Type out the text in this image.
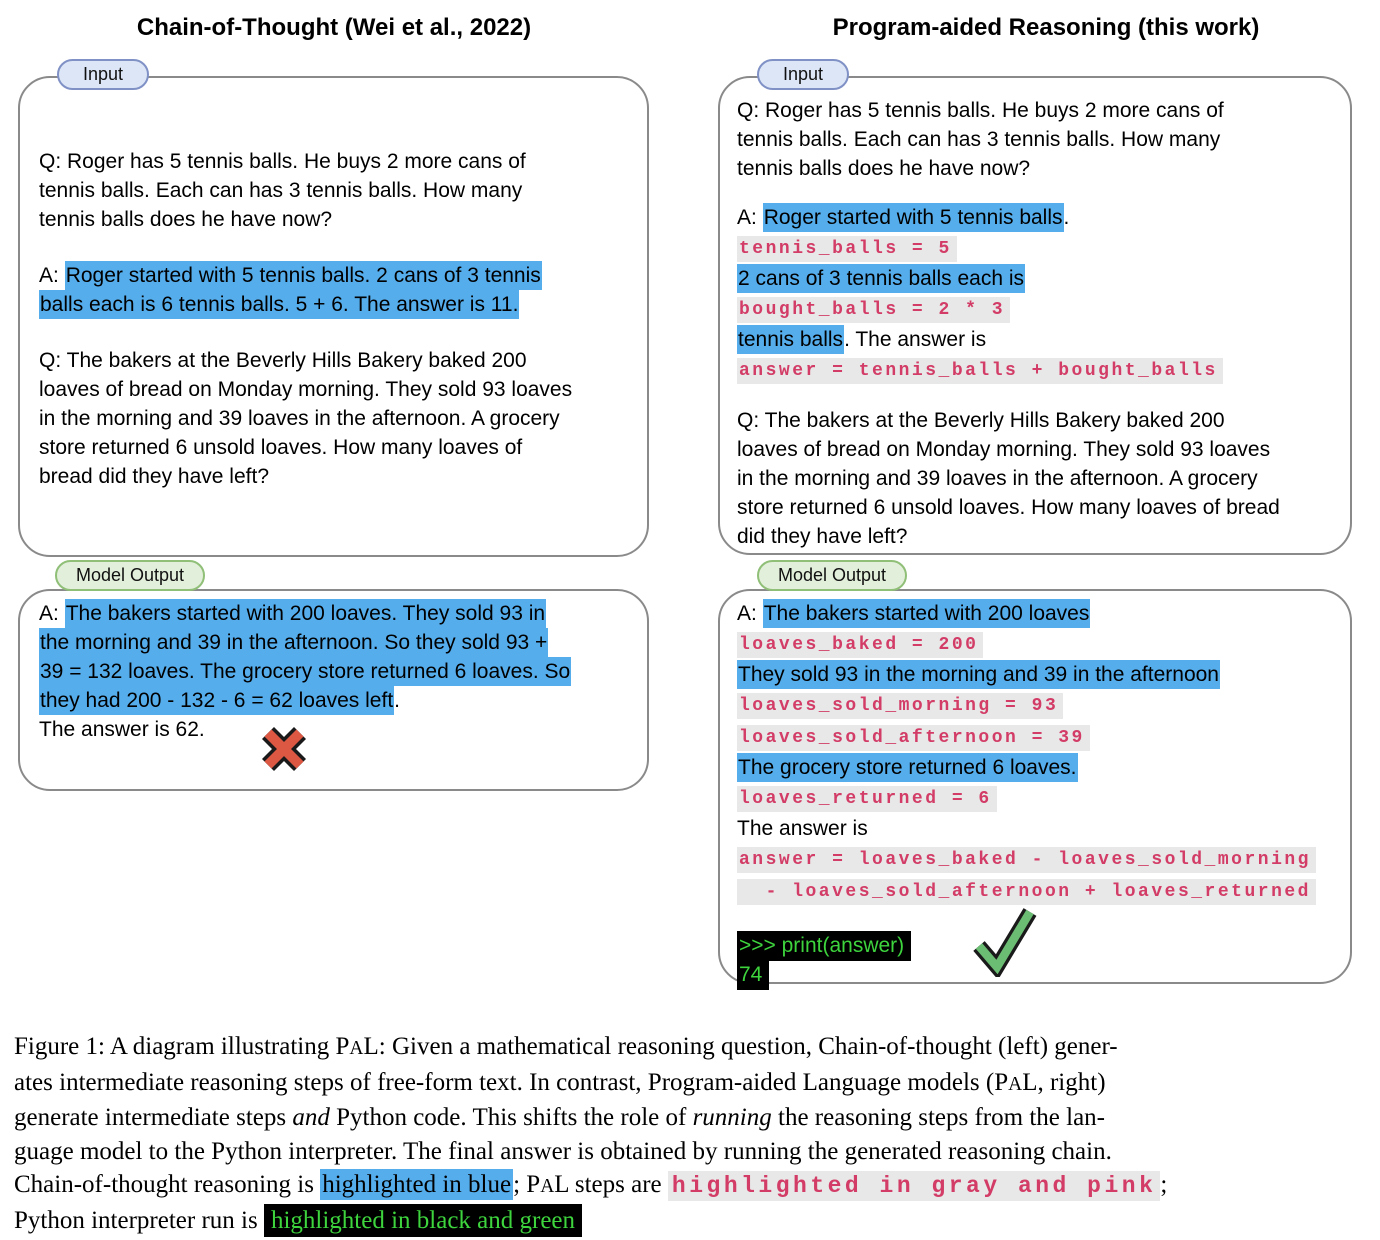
Chain-of-Thought (Wei et al., 2022)	Program-aided Reasoning (this work)
Q: Roger has 5 tennis balls. He buys 2 more cans of
tennis balls. Each can has 3 tennis balls. How many
tennis balls does he have now?
A: Roger started with 5 tennis balls. 2 cans of 3 tennis
balls each is 6 tennis balls. 5 + 6. The answer is 11.
Q: The bakers at the Beverly Hills Bakery baked 200
loaves of bread on Monday morning. They sold 93 loaves
in the morning and 39 loaves in the afternoon. A grocery
store returned 6 unsold loaves. How many loaves of
bread did they have left?
Input
Q: Roger has 5 tennis balls. He buys 2 more cans of
tennis balls. Each can has 3 tennis balls. How many
tennis balls does he have now?
A: Roger started with 5 tennis balls.
tennis_balls = 5
2 cans of 3 tennis balls each is
bought_balls = 2 * 3
tennis balls. The answer is
answer = tennis_balls + bought_balls
Q: The bakers at the Beverly Hills Bakery baked 200
loaves of bread on Monday morning. They sold 93 loaves
in the morning and 39 loaves in the afternoon. A grocery
store returned 6 unsold loaves. How many loaves of bread
did they have left?
Input
A: The bakers started with 200 loaves. They sold 93 in
the morning and 39 in the afternoon. So they sold 93 +
39 = 132 loaves. The grocery store returned 6 loaves. So
they had 200 - 132 - 6 = 62 loaves left.
The answer is 62.
Model Output
A: The bakers started with 200 loaves
loaves_baked = 200
They sold 93 in the morning and 39 in the afternoon
loaves_sold_morning = 93
loaves_sold_afternoon = 39
The grocery store returned 6 loaves.
loaves_returned = 6
The answer is
answer = loaves_baked - loaves_sold_morning
- loaves_sold_afternoon + loaves_returned
>>> print(answer)
74
Model Output
Figure 1: A diagram illustrating PAL: Given a mathematical reasoning question, Chain-of-thought (left) gener-
ates intermediate reasoning steps of free-form text. In contrast, Program-aided Language models (PAL, right)
generate intermediate steps and Python code. This shifts the role of running the reasoning steps from the lan-
guage model to the Python interpreter. The final answer is obtained by running the generated reasoning chain.
Chain-of-thought reasoning is highlighted in blue; PAL steps are highlighted in gray and pink ;
Python interpreter run is highlighted in black and green
